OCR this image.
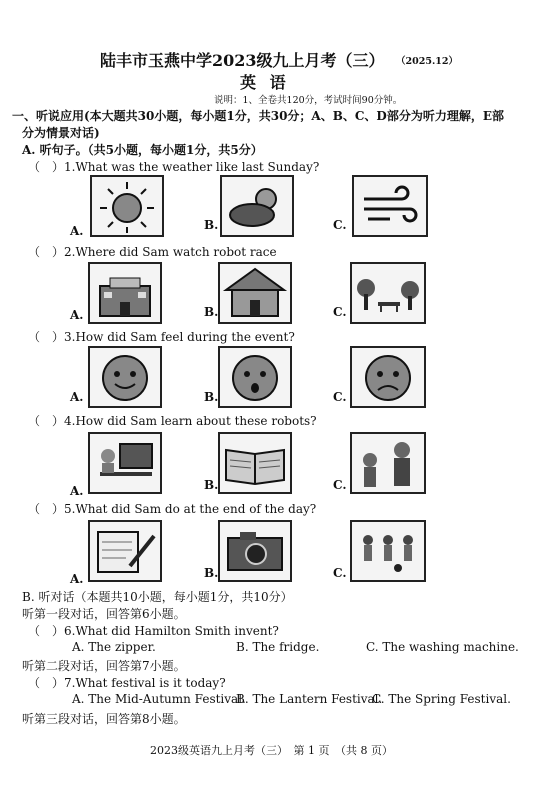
陆丰市玉燕中学2023级九上月考（三） （2025.12）
英 语
说明：1、全卷共120分，考试时间90分钟。
一、听说应用(本大题共30小题，每小题1分，共30分；A、B、C、D部分为听力理解，E部
分为情景对话)
A. 听句子。（共5小题，每小题1分，共5分）
（　）1.What was the weather like last Sunday?
（　）2.Where did Sam watch robot race
（　）3.How did Sam feel during the event?
（　）4.How did Sam learn about these robots?
（　）5.What did Sam do at the end of the day?
A.	B.	C.
A.	B.	C.
A.	B.	C.
A.	B.	C.
A.	B.	C.
B. 听对话（本题共10小题，每小题1分，共10分）
听第一段对话，回答第6小题。
（　）6.What did Hamilton Smith invent?
A. The zipper.	B. The fridge.	C. The washing machine.
听第二段对话，回答第7小题。
（　）7.What festival is it today?
A. The Mid-Autumn Festival.
B. The Lantern Festival.
C. The Spring Festival.
听第三段对话，回答第8小题。
2023级英语九上月考（三）　第 1 页　（共 8 页）
